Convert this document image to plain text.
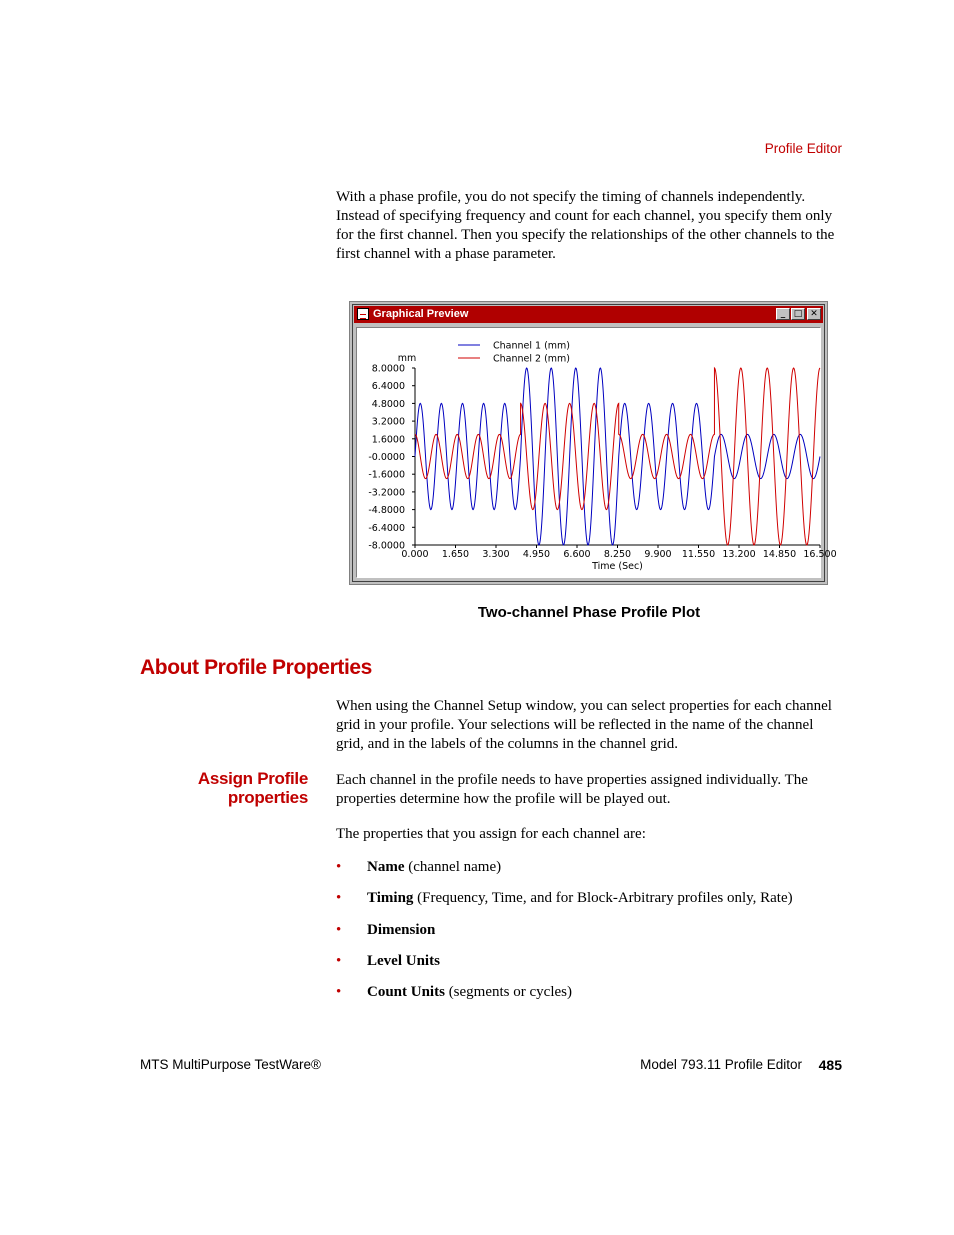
Profile Editor

With a phase profile, you do not specify the timing of channels independently. Instead of specifying frequency and count for each channel, you specify them only for the first channel. Then you specify the relationships of the other channels to the first channel with a phase parameter.

Graphical Preview	_ □ ✕
8.0000
6.4000
4.8000
3.2000
1.6000
-0.0000
-1.6000
-3.2000
-4.8000
-6.4000
-8.0000
0.000 1.650 3.300 4.950 6.600 8.250 9.900 11.550 13.200 14.850 16.500
mm
Time (Sec)
Channel 1 (mm)
Channel 2 (mm)
Two-channel Phase Profile Plot
About Profile Properties

When using the Channel Setup window, you can select properties for each channel grid in your profile. Your selections will be reflected in the name of the channel grid, and in the labels of the columns in the channel grid.

Assign Profile
properties

Each channel in the profile needs to have properties assigned individually. The properties determine how the profile will be played out.

The properties that you assign for each channel are:

• Name (channel name)
• Timing (Frequency, Time, and for Block-Arbitrary profiles only, Rate)
• Dimension
• Level Units
• Count Units (segments or cycles)
MTS MultiPurpose TestWare®	Model 793.11 Profile Editor 485
